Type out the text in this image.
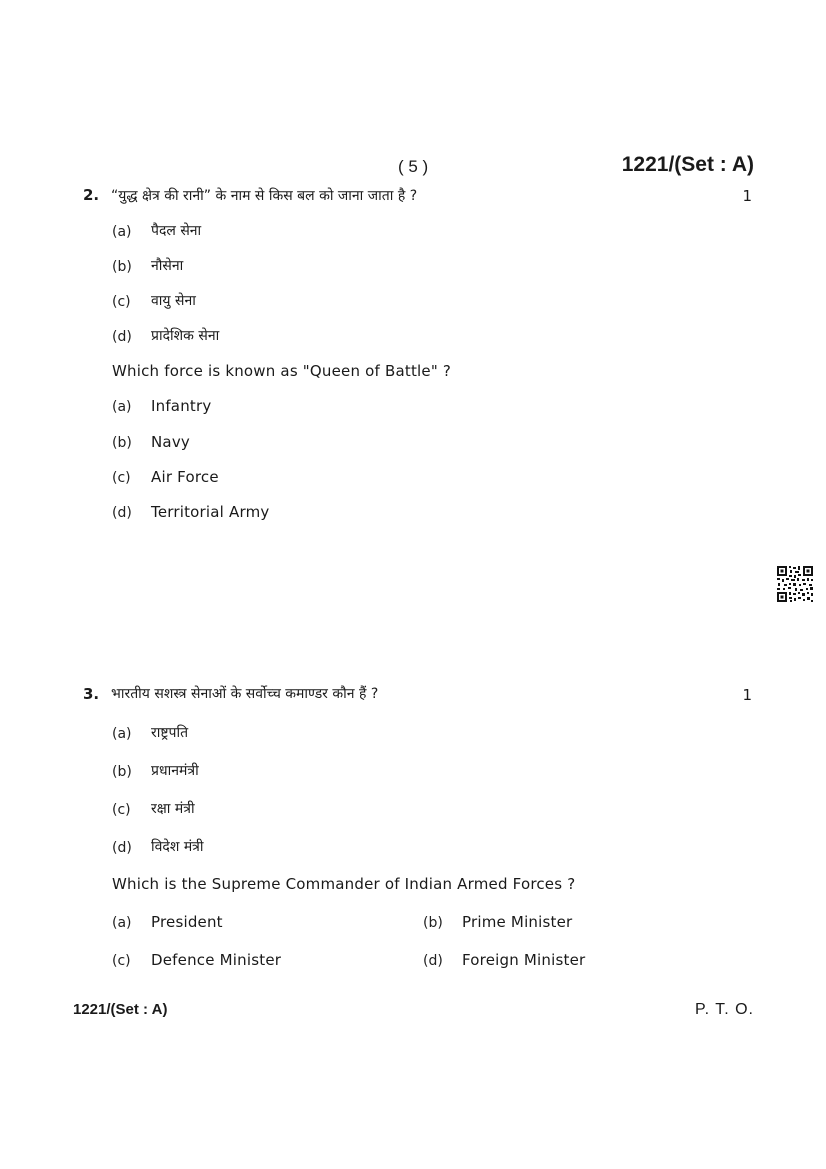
( 5 )	1221/(Set : A)
2. “युद्ध क्षेत्र की रानी” के नाम से किस बल को जाना जाता है ?	1
(a) पैदल सेना
(b) नौसेना
(c) वायु सेना
(d) प्रादेशिक सेना
Which force is known as "Queen of Battle" ?
(a) Infantry
(b) Navy
(c) Air Force
(d) Territorial Army
3. भारतीय सशस्त्र सेनाओं के सर्वोच्च कमाण्डर कौन हैं ?	1
(a) राष्ट्रपति
(b) प्रधानमंत्री
(c) रक्षा मंत्री
(d) विदेश मंत्री
Which is the Supreme Commander of Indian Armed Forces ?
(a) President	(b) Prime Minister
(c) Defence Minister	(d) Foreign Minister
1221/(Set : A)	P. T. O.
